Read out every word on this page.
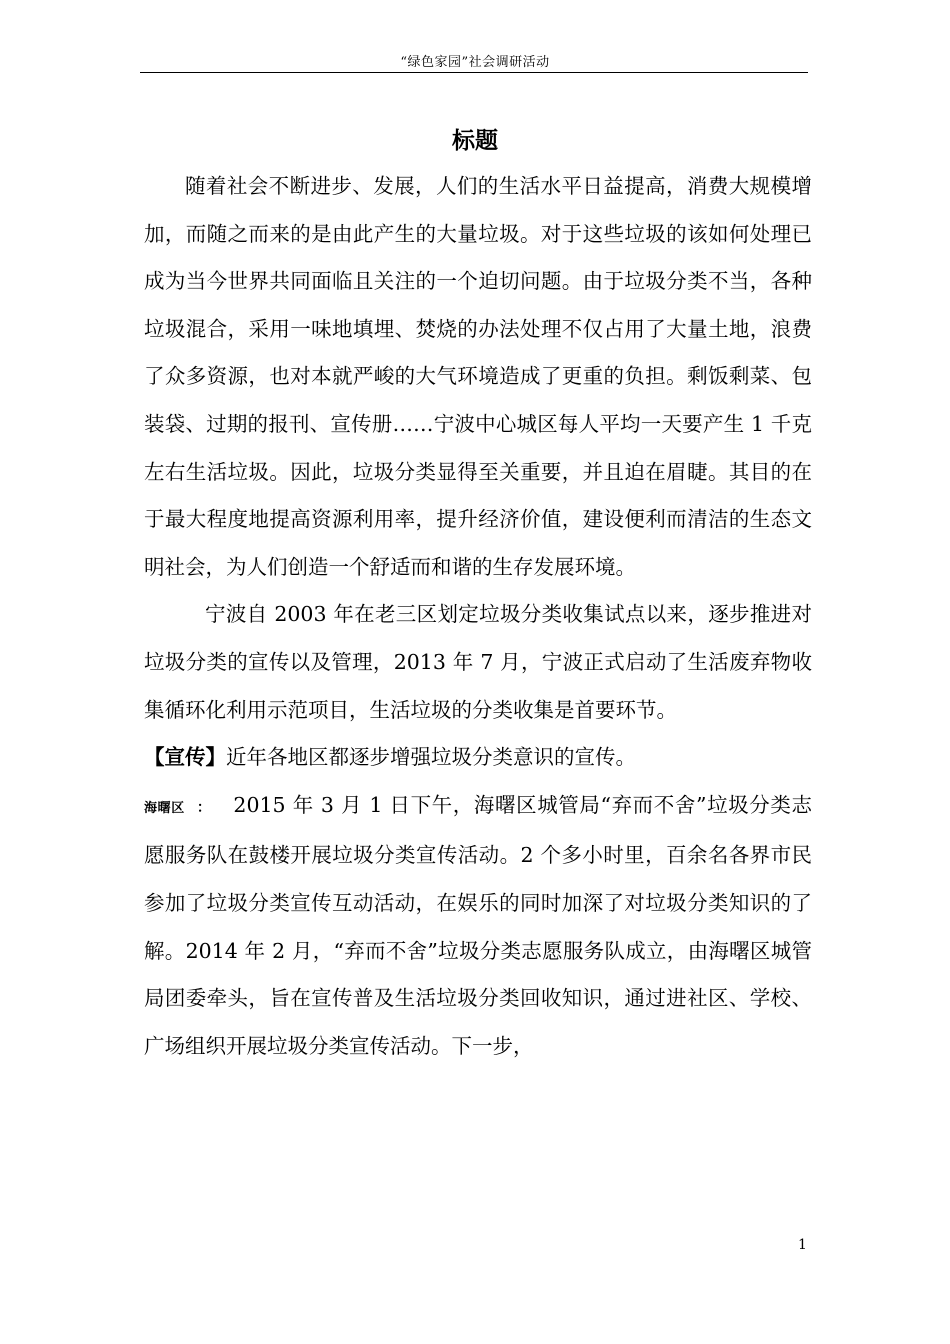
“绿色家园”社会调研活动
标题

随着社会不断进步、发展，人们的生活水平日益提高，消费大规模增加，而随之而来的是由此产生的大量垃圾。对于这些垃圾的该如何处理已成为当今世界共同面临且关注的一个迫切问题。由于垃圾分类不当，各种垃圾混合，采用一味地填埋、焚烧的办法处理不仅占用了大量土地，浪费了众多资源，也对本就严峻的大气环境造成了更重的负担。剩饭剩菜、包装袋、过期的报刊、宣传册……宁波中心城区每人平均一天要产生 1 千克左右生活垃圾。因此，垃圾分类显得至关重要，并且迫在眉睫。其目的在于最大程度地提高资源利用率，提升经济价值，建设便利而清洁的生态文明社会，为人们创造一个舒适而和谐的生存发展环境。

宁波自 2003 年在老三区划定垃圾分类收集试点以来，逐步推进对垃圾分类的宣传以及管理，2013 年 7 月，宁波正式启动了生活废弃物收集循环化利用示范项目，生活垃圾的分类收集是首要环节。

【宣传】近年各地区都逐步增强垃圾分类意识的宣传。

海曙区 ： 2015 年 3 月 1 日下午，海曙区城管局“弃而不舍”垃圾分类志愿服务队在鼓楼开展垃圾分类宣传活动。2 个多小时里，百余名各界市民参加了垃圾分类宣传互动活动，在娱乐的同时加深了对垃圾分类知识的了解。2014 年 2 月，“弃而不舍”垃圾分类志愿服务队成立，由海曙区城管局团委牵头，旨在宣传普及生活垃圾分类回收知识，通过进社区、学校、广场组织开展垃圾分类宣传活动。下一步，

1
